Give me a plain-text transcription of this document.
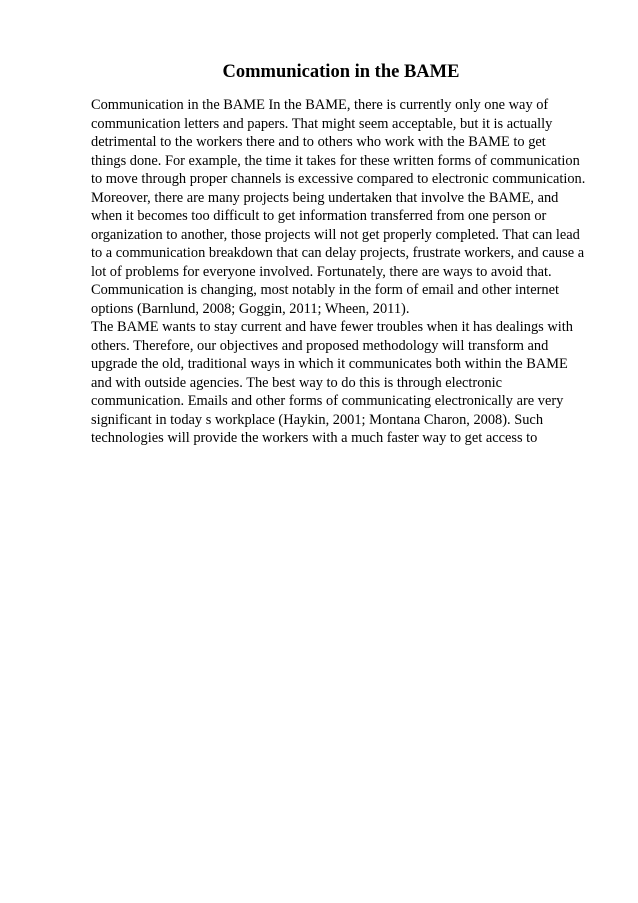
Communication in the BAME

Communication in the BAME In the BAME, there is currently only one way of
communication letters and papers. That might seem acceptable, but it is actually
detrimental to the workers there and to others who work with the BAME to get
things done. For example, the time it takes for these written forms of communication
to move through proper channels is excessive compared to electronic communication.
Moreover, there are many projects being undertaken that involve the BAME, and
when it becomes too difficult to get information transferred from one person or
organization to another, those projects will not get properly completed. That can lead
to a communication breakdown that can delay projects, frustrate workers, and cause a
lot of problems for everyone involved. Fortunately, there are ways to avoid that.
Communication is changing, most notably in the form of email and other internet
options (Barnlund, 2008; Goggin, 2011; Wheen, 2011).

The BAME wants to stay current and have fewer troubles when it has dealings with
others. Therefore, our objectives and proposed methodology will transform and
upgrade the old, traditional ways in which it communicates both within the BAME
and with outside agencies. The best way to do this is through electronic
communication. Emails and other forms of communicating electronically are very
significant in today s workplace (Haykin, 2001; Montana Charon, 2008). Such
technologies will provide the workers with a much faster way to get access to
